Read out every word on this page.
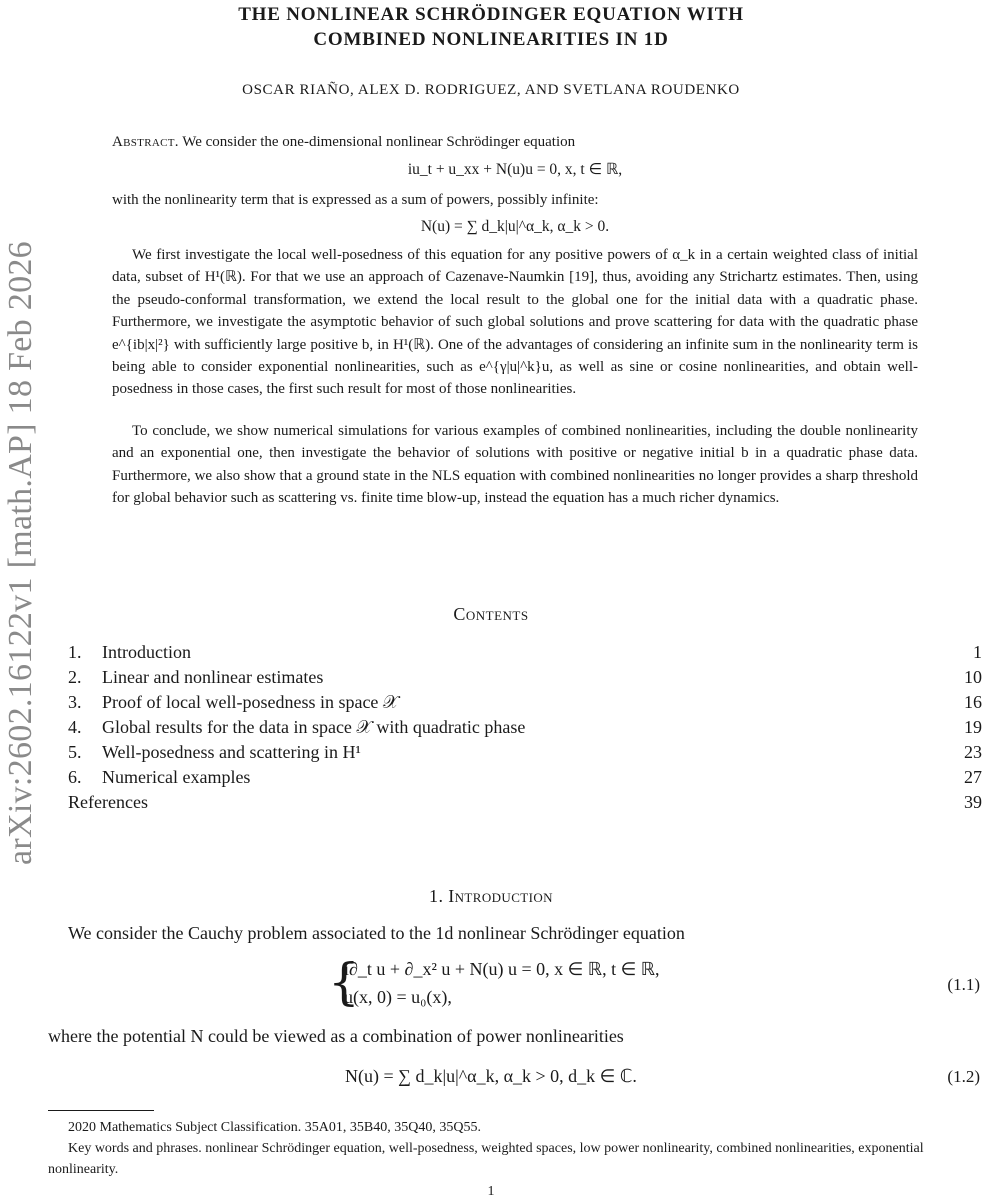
arXiv:2602.16122v1 [math.AP] 18 Feb 2026
THE NONLINEAR SCHRÖDINGER EQUATION WITH
COMBINED NONLINEARITIES IN 1D
OSCAR RIAÑO, ALEX D. RODRIGUEZ, AND SVETLANA ROUDENKO
Abstract. We consider the one-dimensional nonlinear Schrödinger equation
iu_t + u_xx + N(u)u = 0, x, t ∈ ℝ,
with the nonlinearity term that is expressed as a sum of powers, possibly infinite:
N(u) = ∑ d_k|u|^α_k, α_k > 0.
We first investigate the local well-posedness of this equation for any positive powers of α_k in a certain weighted class of initial data, subset of H¹(ℝ). For that we use an approach of Cazenave-Naumkin [19], thus, avoiding any Strichartz estimates. Then, using the pseudo-conformal transformation, we extend the local result to the global one for the initial data with a quadratic phase. Furthermore, we investigate the asymptotic behavior of such global solutions and prove scattering for data with the quadratic phase e^{ib|x|²} with sufficiently large positive b, in H¹(ℝ). One of the advantages of considering an infinite sum in the nonlinearity term is being able to consider exponential nonlinearities, such as e^{γ|u|^k}u, as well as sine or cosine nonlinearities, and obtain well-posedness in those cases, the first such result for most of those nonlinearities.
To conclude, we show numerical simulations for various examples of combined nonlinearities, including the double nonlinearity and an exponential one, then investigate the behavior of solutions with positive or negative initial b in a quadratic phase data. Furthermore, we also show that a ground state in the NLS equation with combined nonlinearities no longer provides a sharp threshold for global behavior such as scattering vs. finite time blow-up, instead the equation has a much richer dynamics.
Contents
1. Introduction	1
2. Linear and nonlinear estimates	10
3. Proof of local well-posedness in space 𝒳	16
4. Global results for the data in space 𝒳 with quadratic phase	19
5. Well-posedness and scattering in H¹	23
6. Numerical examples	27
References	39
1. Introduction
We consider the Cauchy problem associated to the 1d nonlinear Schrödinger equation
{
i∂_t u + ∂_x² u + N(u) u = 0, x ∈ ℝ, t ∈ ℝ,
u(x, 0) = u₀(x),
(1.1)
where the potential N could be viewed as a combination of power nonlinearities
N(u) = ∑ d_k|u|^α_k, α_k > 0, d_k ∈ ℂ.	(1.2)
2020 Mathematics Subject Classification. 35A01, 35B40, 35Q40, 35Q55.
Key words and phrases. nonlinear Schrödinger equation, well-posedness, weighted spaces, low power nonlinearity, combined nonlinearities, exponential nonlinearity.
1
